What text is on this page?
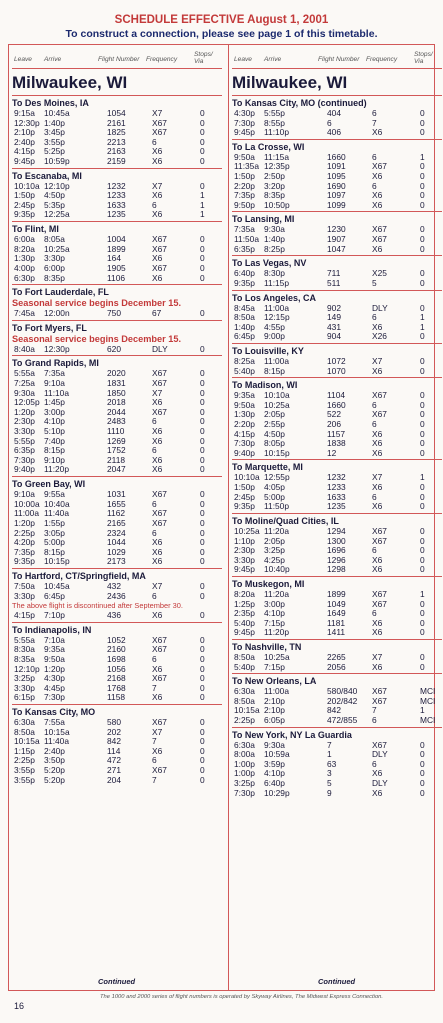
SCHEDULE EFFECTIVE August 1, 2001
To construct a connection, please see page 1 of this timetable.
Leave Arrive	Flight Number Frequency
Stops/
Via
Milwaukee, WI
To Des Moines, IA
9:15a 10:45a	1054	X7	0
12:30p 1:40p	2161	X67	0
2:10p 3:45p	1825	X67	0
2:40p 3:55p	2213	6	0
4:15p 5:25p	2163	X6	0
9:45p 10:59p	2159	X6	0
To Escanaba, MI
10:10a 12:10p	1232	X7	0
1:50p 4:50p	1233	X6	1
2:45p 5:35p	1633	6	1
9:35p 12:25a	1235	X6	1
To Flint, MI
6:00a 8:05a	1004	X67	0
8:20a 10:25a	1899	X67	0
1:30p 3:30p	164	X6	0
4:00p 6:00p	1905	X67	0
6:30p 8:35p	1106	X6	0
To Fort Lauderdale, FL
Seasonal service begins December 15.
7:45a 12:00n	750	67	0
To Fort Myers, FL
Seasonal service begins December 15.
8:40a 12:30p	620	DLY	0
To Grand Rapids, MI
5:55a 7:35a	2020	X67	0
7:25a 9:10a	1831	X67	0
9:30a 11:10a	1850	X7	0
12:05p 1:45p	2018	X6	0
1:20p 3:00p	2044	X67	0
2:30p 4:10p	2483	6	0
3:30p 5:10p	1110	X6	0
5:55p 7:40p	1269	X6	0
6:35p 8:15p	1752	6	0
7:30p 9:10p	2118	X6	0
9:40p 11:20p	2047	X6	0
To Green Bay, WI
9:10a 9:55a	1031	X67	0
10:00a 10:40a	1655	6	0
11:00a 11:40a	1162	X67	0
1:20p 1:55p	2165	X67	0
2:25p 3:05p	2324	6	0
4:20p 5:00p	1044	X6	0
7:35p 8:15p	1029	X6	0
9:35p 10:15p	2173	X6	0
To Hartford, CT/Springfield, MA
7:50a 10:45a	432	X7	0
3:30p 6:45p	2436	6	0
The above flight is discontinued after September 30.
4:15p 7:10p	436	X6	0
To Indianapolis, IN
5:55a 7:10a	1052	X67	0
8:30a 9:35a	2160	X67	0
8:35a 9:50a	1698	6	0
12:10p 1:20p	1056	X6	0
3:25p 4:30p	2168	X67	0
3:30p 4:45p	1768	7	0
6:15p 7:30p	1158	X6	0
To Kansas City, MO
6:30a 7:55a	580	X67	0
8:50a 10:15a	202	X7	0
10:15a 11:40a	842	7	0
1:15p 2:40p	114	X6	0
2:25p 3:50p	472	6	0
3:55p 5:20p	271	X67	0
3:55p 5:20p	204	7	0
Leave Arrive	Flight Number Frequency
Stops/
Via
Milwaukee, WI
To Kansas City, MO (continued)
4:30p 5:55p	404	6	0
7:30p 8:55p	6	7	0
9:45p 11:10p	406	X6	0
To La Crosse, WI
9:50a 11:15a	1660	6	1
11:35a 12:35p	1091	X67	0
1:50p 2:50p	1095	X6	0
2:20p 3:20p	1690	6	0
7:35p 8:35p	1097	X6	0
9:50p 10:50p	1099	X6	0
To Lansing, MI
7:35a 9:30a	1230	X67	0
11:50a 1:40p	1907	X67	0
6:35p 8:25p	1047	X6	0
To Las Vegas, NV
6:40p 8:30p	711	X25	0
9:35p 11:15p	511	5	0
To Los Angeles, CA
8:45a 11:00a	902	DLY	0
8:50a 12:15p	149	6	1
1:40p 4:55p	431	X6	1
6:45p 9:00p	904	X26	0
To Louisville, KY
8:25a 11:00a	1072	X7	0
5:40p 8:15p	1070	X6	0
To Madison, WI
9:35a 10:10a	1104	X67	0
9:50a 10:25a	1660	6	0
1:30p 2:05p	522	X67	0
2:20p 2:55p	206	6	0
4:15p 4:50p	1157	X6	0
7:30p 8:05p	1838	X6	0
9:40p 10:15p	12	X6	0
To Marquette, MI
10:10a 12:55p	1232	X7	1
1:50p 4:05p	1233	X6	0
2:45p 5:00p	1633	6	0
9:35p 11:50p	1235	X6	0
To Moline/Quad Cities, IL
10:25a 11:20a	1294	X67	0
1:10p 2:05p	1300	X67	0
2:30p 3:25p	1696	6	0
3:30p 4:25p	1296	X6	0
9:45p 10:40p	1298	X6	0
To Muskegon, MI
8:20a 11:20a	1899	X67	1
1:25p 3:00p	1049	X67	0
2:35p 4:10p	1649	6	0
5:40p 7:15p	1181	X6	0
9:45p 11:20p	1411	X6	0
To Nashville, TN
8:50a 10:25a	2265	X7	0
5:40p 7:15p	2056	X6	0
To New Orleans, LA
6:30a 11:00a	580/840 X67	MCI
8:50a 2:10p	202/842 X67	MCI
10:15a 2:10p	842	7	1
2:25p 6:05p	472/855 6	MCI
To New York, NY La Guardia
6:30a 9:30a	7	X67	0
8:00a 10:59a	1	DLY	0
1:00p 3:59p	63	6	0
1:00p 4:10p	3	X6	0
3:25p 6:40p	5	DLY	0
7:30p 10:29p	9	X6	0
Continued	Continued
The 1000 and 2000 series of flight numbers is operated by Skyway Airlines, The Midwest Express Connection.
16
